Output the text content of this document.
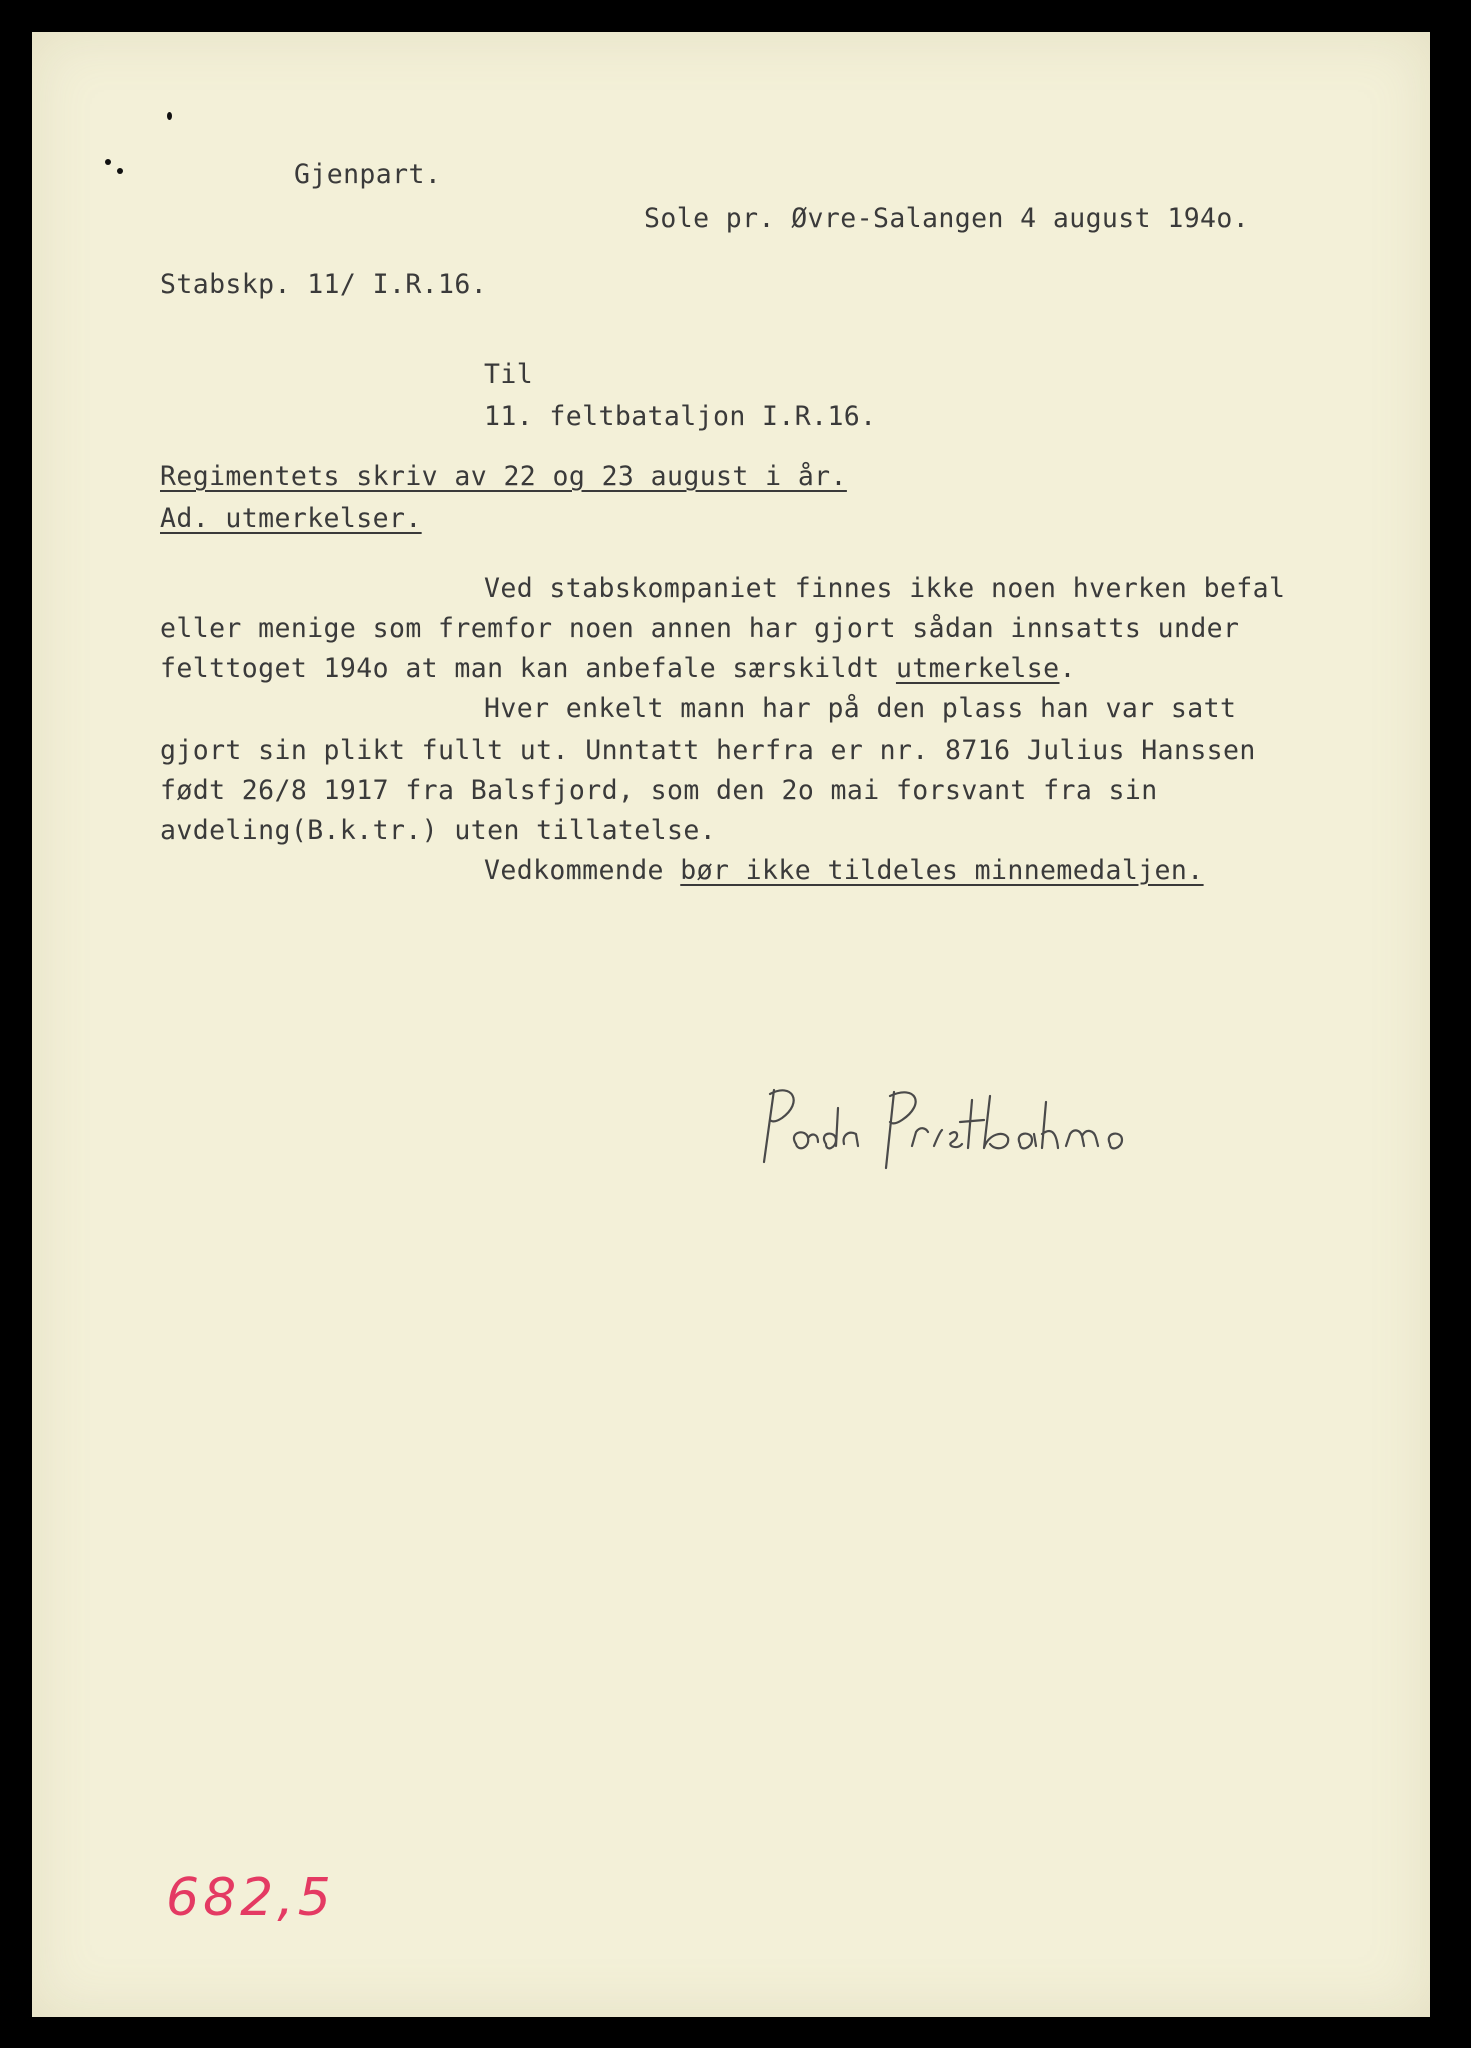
Gjenpart.

Sole pr. Øvre-Salangen 4 august 194o.

Stabskp. 11/ I.R.16.

Til

11. feltbataljon I.R.16.

Regimentets skriv av 22 og 23 august i år.

Ad. utmerkelser.

Ved stabskompaniet finnes ikke noen hverken befal

eller menige som fremfor noen annen har gjort sådan innsatts under

felttoget 194o at man kan anbefale særskildt utmerkelse.

Hver enkelt mann har på den plass han var satt

gjort sin plikt fullt ut. Unntatt herfra er nr. 8716 Julius Hanssen

født 26/8 1917 fra Balsfjord, som den 2o mai forsvant fra sin

avdeling(B.k.tr.) uten tillatelse.

Vedkommende bør ikke tildeles minnemedaljen.

682,5
